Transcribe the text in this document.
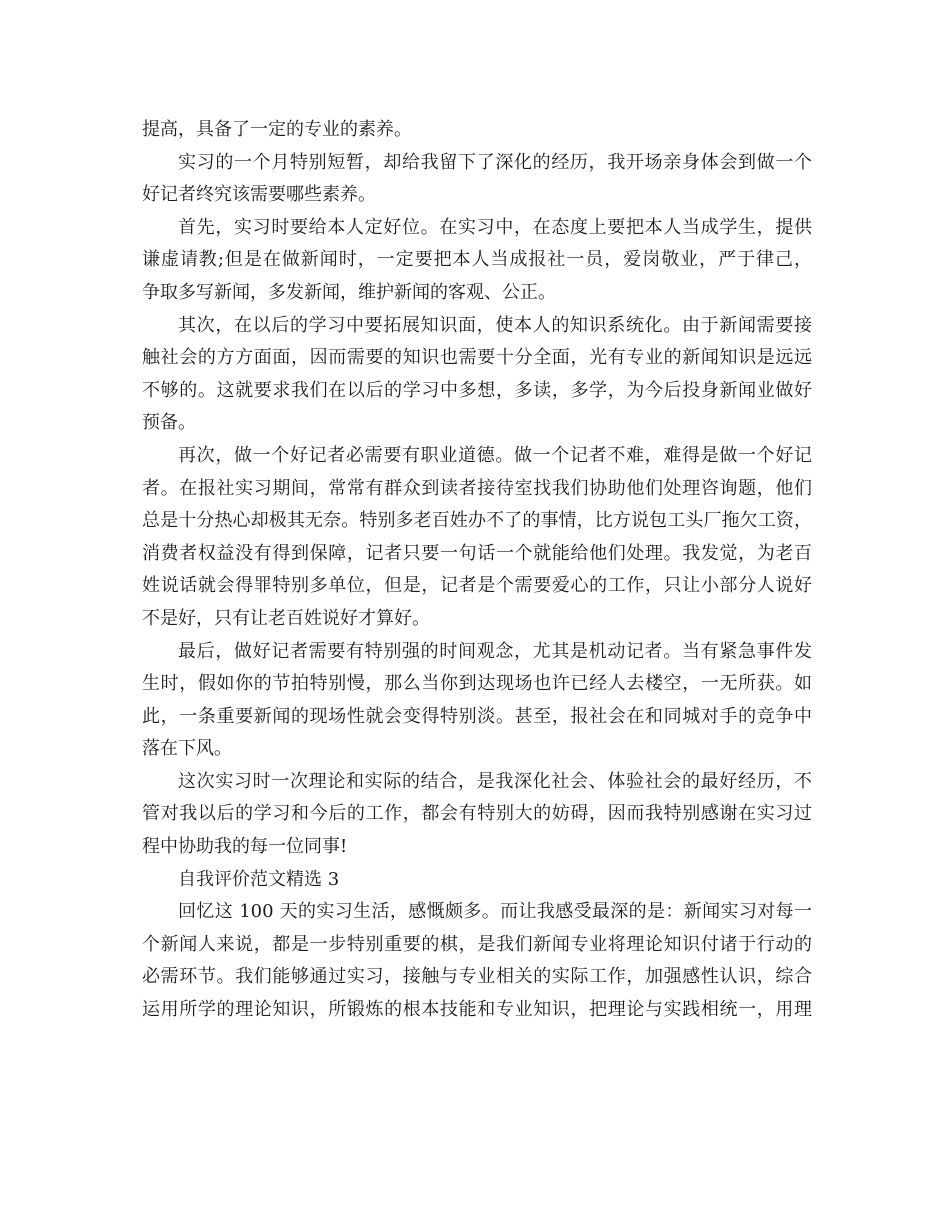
提高，具备了一定的专业的素养。
实习的一个月特别短暂，却给我留下了深化的经历，我开场亲身体会到做一个
好记者终究该需要哪些素养。
首先，实习时要给本人定好位。在实习中，在态度上要把本人当成学生，提供
谦虚请教;但是在做新闻时，一定要把本人当成报社一员，爱岗敬业，严于律己，
争取多写新闻，多发新闻，维护新闻的客观、公正。
其次，在以后的学习中要拓展知识面，使本人的知识系统化。由于新闻需要接
触社会的方方面面，因而需要的知识也需要十分全面，光有专业的新闻知识是远远
不够的。这就要求我们在以后的学习中多想，多读，多学，为今后投身新闻业做好
预备。
再次，做一个好记者必需要有职业道德。做一个记者不难，难得是做一个好记
者。在报社实习期间，常常有群众到读者接待室找我们协助他们处理咨询题，他们
总是十分热心却极其无奈。特别多老百姓办不了的事情，比方说包工头厂拖欠工资，
消费者权益没有得到保障，记者只要一句话一个就能给他们处理。我发觉，为老百
姓说话就会得罪特别多单位，但是，记者是个需要爱心的工作，只让小部分人说好
不是好，只有让老百姓说好才算好。
最后，做好记者需要有特别强的时间观念，尤其是机动记者。当有紧急事件发
生时，假如你的节拍特别慢，那么当你到达现场也许已经人去楼空，一无所获。如
此，一条重要新闻的现场性就会变得特别淡。甚至，报社会在和同城对手的竞争中
落在下风。
这次实习时一次理论和实际的结合，是我深化社会、体验社会的最好经历，不
管对我以后的学习和今后的工作，都会有特别大的妨碍，因而我特别感谢在实习过
程中协助我的每一位同事!
自我评价范文精选 3
回忆这 100 天的实习生活，感慨颇多。而让我感受最深的是：新闻实习对每一
个新闻人来说，都是一步特别重要的棋，是我们新闻专业将理论知识付诸于行动的
必需环节。我们能够通过实习，接触与专业相关的实际工作，加强感性认识，综合
运用所学的理论知识，所锻炼的根本技能和专业知识，把理论与实践相统一，用理
